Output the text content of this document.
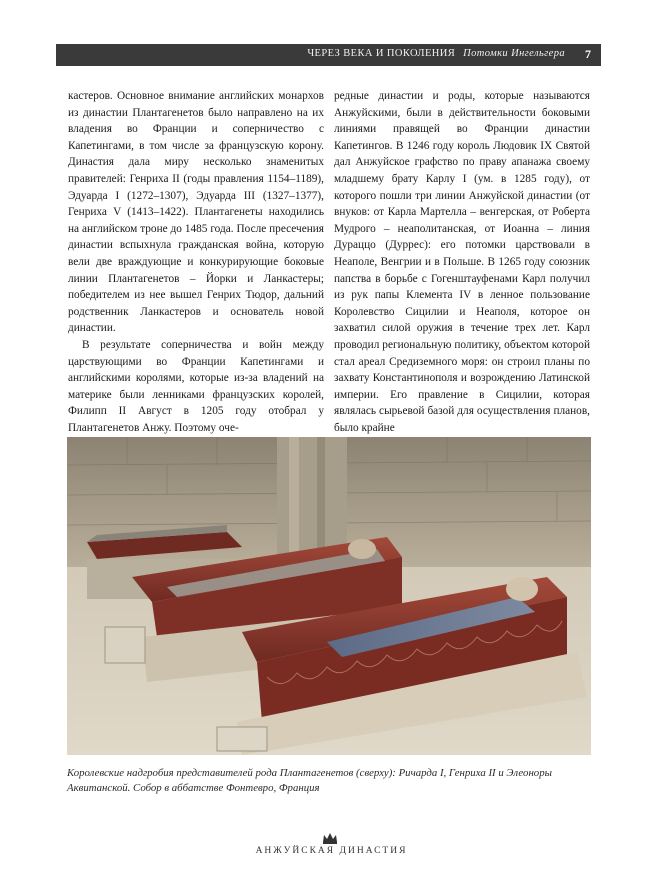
ЧЕРЕЗ ВЕКА И ПОКОЛЕНИЯ Потомки Ингельгера 7

кастеров. Основное внимание английских монархов из династии Плантагенетов было направлено на их владения во Франции и соперничество с Капетингами, в том числе за французскую корону. Династия дала миру несколько знаменитых правителей: Генриха II (годы правления 1154–1189), Эдуарда I (1272–1307), Эдуарда III (1327–1377), Генриха V (1413–1422). Плантагенеты находились на английском троне до 1485 года. После пресечения династии вспыхнула гражданская война, которую вели две враждующие и конкурирующие боковые линии Плантагенетов – Йорки и Ланкастеры; победителем из нее вышел Генрих Тюдор, дальний родственник Ланкастеров и основатель новой династии.

В результате соперничества и войн между царствующими во Франции Капетингами и английскими королями, которые из-за владений на материке были ленниками французских королей, Филипп II Август в 1205 году отобрал у Плантагенетов Анжу. Поэтому оче-

редные династии и роды, которые называются Анжуйскими, были в действительности боковыми линиями правящей во Франции династии Капетингов. В 1246 году король Людовик IX Святой дал Анжуйское графство по праву апанажа своему младшему брату Карлу I (ум. в 1285 году), от которого пошли три линии Анжуйской династии (от внуков: от Карла Мартелла – венгерская, от Роберта Мудрого – неаполитанская, от Иоанна – линия Дураццо (Дуррес): его потомки царствовали в Неаполе, Венгрии и в Польше. В 1265 году союзник папства в борьбе с Гогенштауфенами Карл получил из рук папы Клемента IV в ленное пользование Королевство Сицилии и Неаполя, которое он захватил силой оружия в течение трех лет. Карл проводил региональную политику, объектом которой стал ареал Средиземного моря: он строил планы по захвату Константинополя и возрождению Латинской империи. Его правление в Сицилии, которая являлась сырьевой базой для осуществления планов, было крайне

Королевские надгробия представителей рода Плантагенетов (сверху): Ричарда I, Генриха II и Элеоноры Аквитанской. Собор в аббатстве Фонтевро, Франция
АНЖУЙСКАЯ ДИНАСТИЯ
